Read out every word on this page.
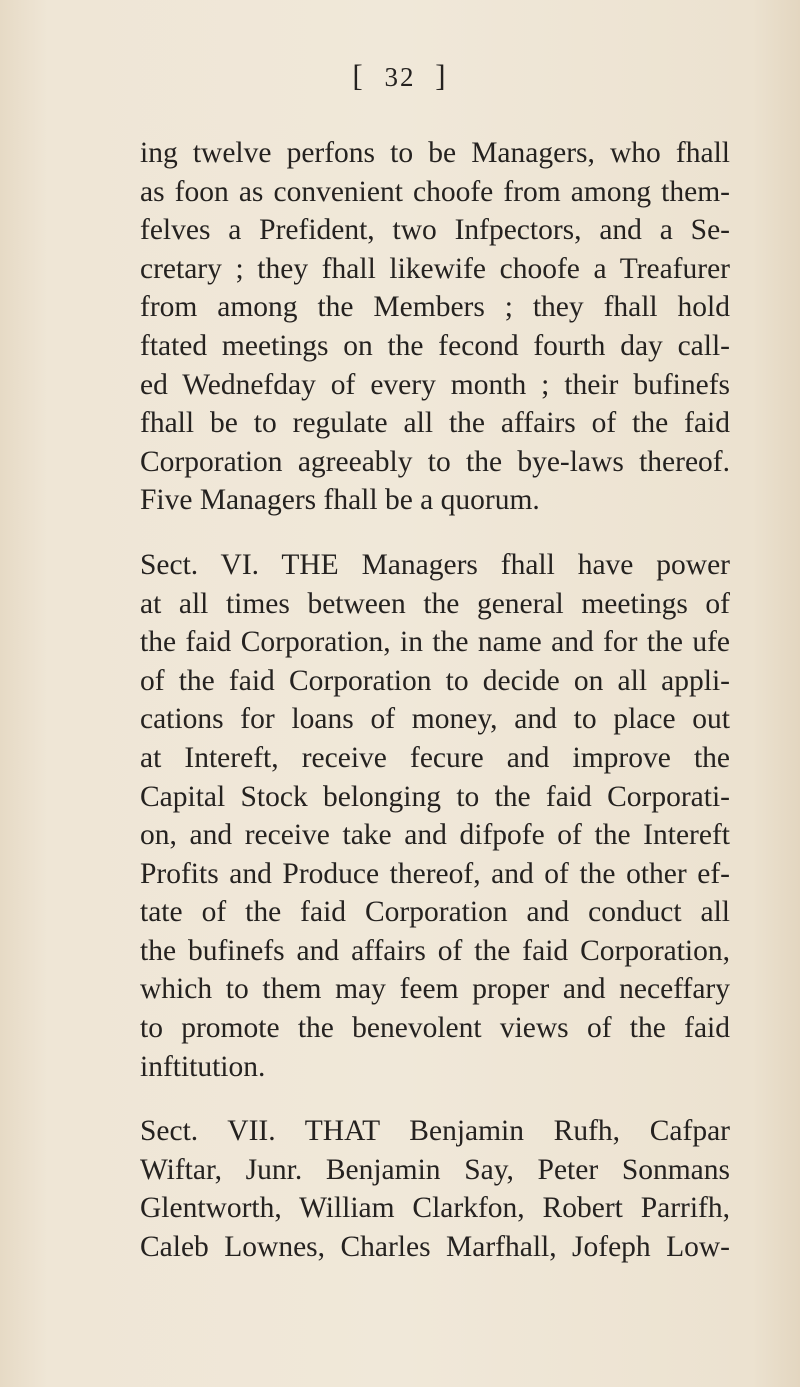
[ 32 ]
ing twelve perfons to be Managers, who fhall
as foon as convenient choofe from among them-
felves a Prefident, two Infpectors, and a Se-
cretary ; they fhall likewife choofe a Treafurer
from among the Members ; they fhall hold
ftated meetings on the fecond fourth day call-
ed Wednefday of every month ; their bufinefs
fhall be to regulate all the affairs of the faid
Corporation agreeably to the bye-laws thereof.
Five Managers fhall be a quorum.
Sect. VI. THE Managers fhall have power
at all times between the general meetings of
the faid Corporation, in the name and for the ufe
of the faid Corporation to decide on all appli-
cations for loans of money, and to place out
at Intereft, receive fecure and improve the
Capital Stock belonging to the faid Corporati-
on, and receive take and difpofe of the Intereft
Profits and Produce thereof, and of the other ef-
tate of the faid Corporation and conduct all
the bufinefs and affairs of the faid Corporation,
which to them may feem proper and neceffary
to promote the benevolent views of the faid
inftitution.
Sect. VII. THAT Benjamin Rufh, Cafpar
Wiftar, Junr. Benjamin Say, Peter Sonmans
Glentworth, William Clarkfon, Robert Parrifh,
Caleb Lownes, Charles Marfhall, Jofeph Low-
